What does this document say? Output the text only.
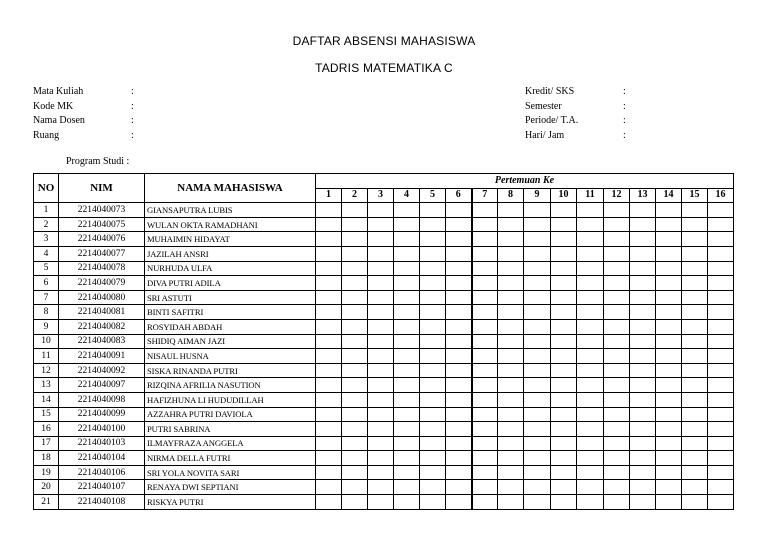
DAFTAR ABSENSI MAHASISWA
TADRIS MATEMATIKA C
Mata Kuliah	:
Kode MK	:
Nama Dosen	:
Ruang	:
Kredit/ SKS	:
Semester	:
Periode/ T.A.	:
Hari/ Jam	:
Program Studi :
NO	NIM	NAMA MAHASISWA	Pertemuan Ke															
			1	2	3	4	5	6	7	8	9	10	11	12	13	14	15	16
1	2214040073	GIANSAPUTRA LUBIS																
2	2214040075	WULAN OKTA RAMADHANI																
3	2214040076	MUHAIMIN HIDAYAT																
4	2214040077	JAZILAH ANSRI																
5	2214040078	NURHUDA ULFA																
6	2214040079	DIVA PUTRI ADILA																
7	2214040080	SRI ASTUTI																
8	2214040081	BINTI SAFITRI																
9	2214040082	ROSYIDAH ABDAH																
10	2214040083	SHIDIQ AIMAN JAZI																
11	2214040091	NISAUL HUSNA																
12	2214040092	SISKA RINANDA PUTRI																
13	2214040097	RIZQINA AFRILIA NASUTION																
14	2214040098	HAFIZHUNA LI HUDUDILLAH																
15	2214040099	AZZAHRA PUTRI DAVIOLA																
16	2214040100	PUTRI SABRINA																
17	2214040103	ILMAYFRAZA ANGGELA																
18	2214040104	NIRMA DELLA FUTRI																
19	2214040106	SRI YOLA NOVITA SARI																
20	2214040107	RENAYA DWI SEPTIANI																
21	2214040108	RISKYA PUTRI																
